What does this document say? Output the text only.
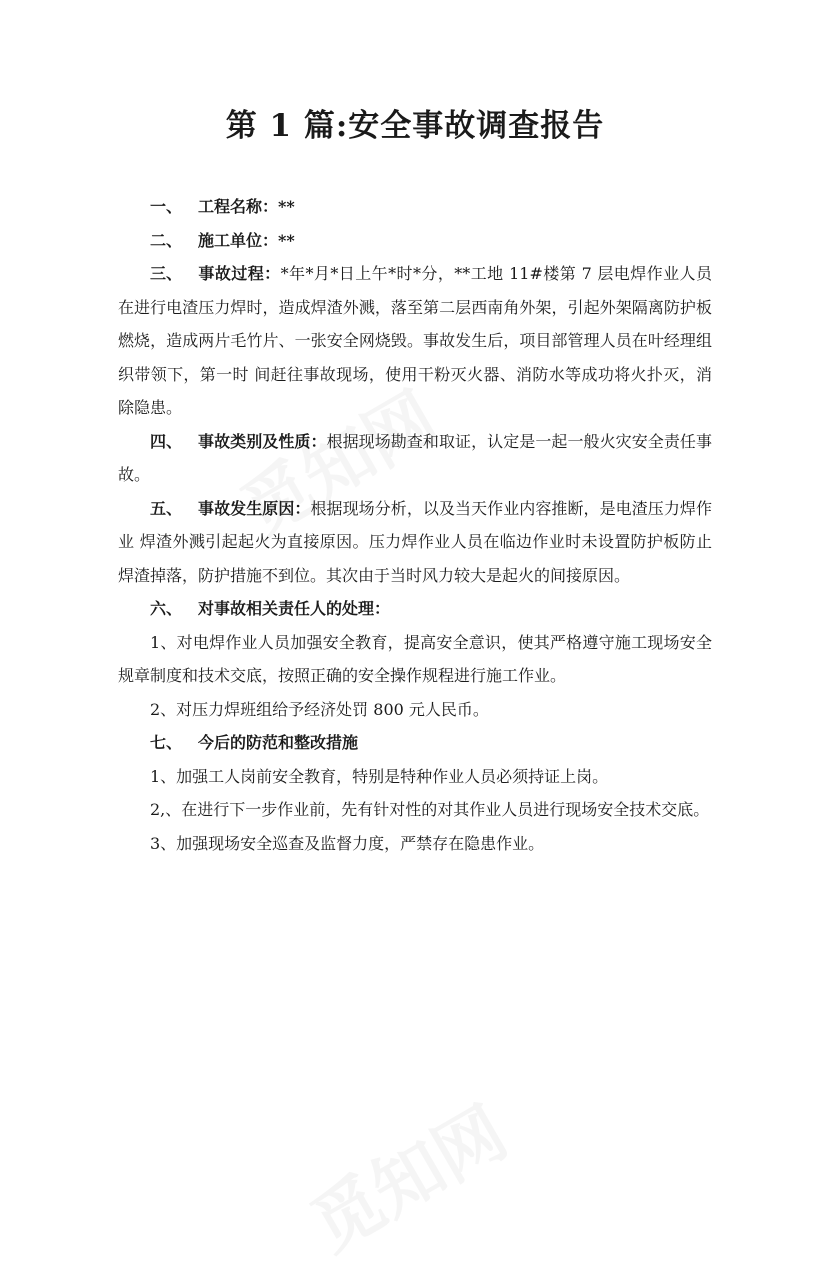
第 1 篇:安全事故调查报告

一、 工程名称：**

二、 施工单位：**

三、 事故过程：*年*月*日上午*时*分，**工地 11#楼第 7 层电焊作业人员在进行电渣压力焊时，造成焊渣外溅，落至第二层西南角外架，引起外架隔离防护板燃烧，造成两片毛竹片、一张安全网烧毁。事故发生后，项目部管理人员在叶经理组织带领下，第一时 间赶往事故现场，使用干粉灭火器、消防水等成功将火扑灭，消 除隐患。

四、 事故类别及性质：根据现场勘查和取证，认定是一起一般火灾安全责任事故。

五、 事故发生原因：根据现场分析，以及当天作业内容推断，是电渣压力焊作业 焊渣外溅引起起火为直接原因。压力焊作业人员在临边作业时未设置防护板防止焊渣掉落，防护措施不到位。其次由于当时风力较大是起火的间接原因。

六、 对事故相关责任人的处理：

1、对电焊作业人员加强安全教育，提高安全意识，使其严格遵守施工现场安全规章制度和技术交底，按照正确的安全操作规程进行施工作业。

2、对压力焊班组给予经济处罚 800 元人民币。

七、 今后的防范和整改措施

1、加强工人岗前安全教育，特别是特种作业人员必须持证上岗。

2,、在进行下一步作业前，先有针对性的对其作业人员进行现场安全技术交底。

3、加强现场安全巡查及监督力度，严禁存在隐患作业。
